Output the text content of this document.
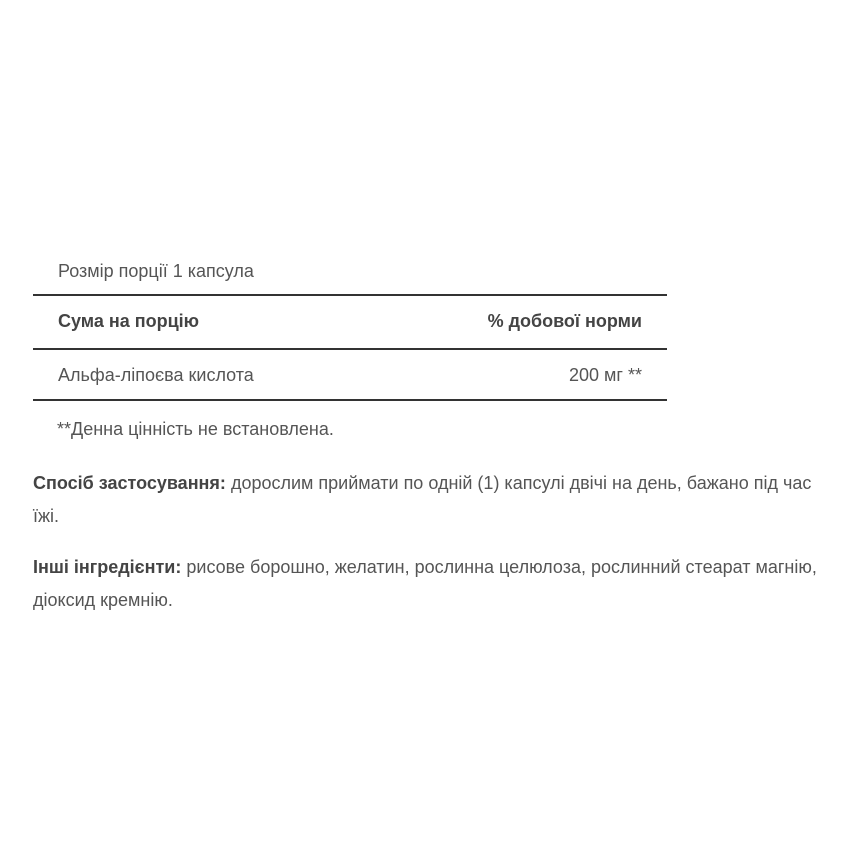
Розмір порції 1 капсула
Сума на порцію	% добової норми
Альфа-ліпоєва кислота	200 мг **
**Денна цінність не встановлена.

Спосіб застосування: дорослим приймати по одній (1) капсулі двічі на день, бажано під час їжі.

Інші інгредієнти: рисове борошно, желатин, рослинна целюлоза, рослинний стеарат магнію, діоксид кремнію.
